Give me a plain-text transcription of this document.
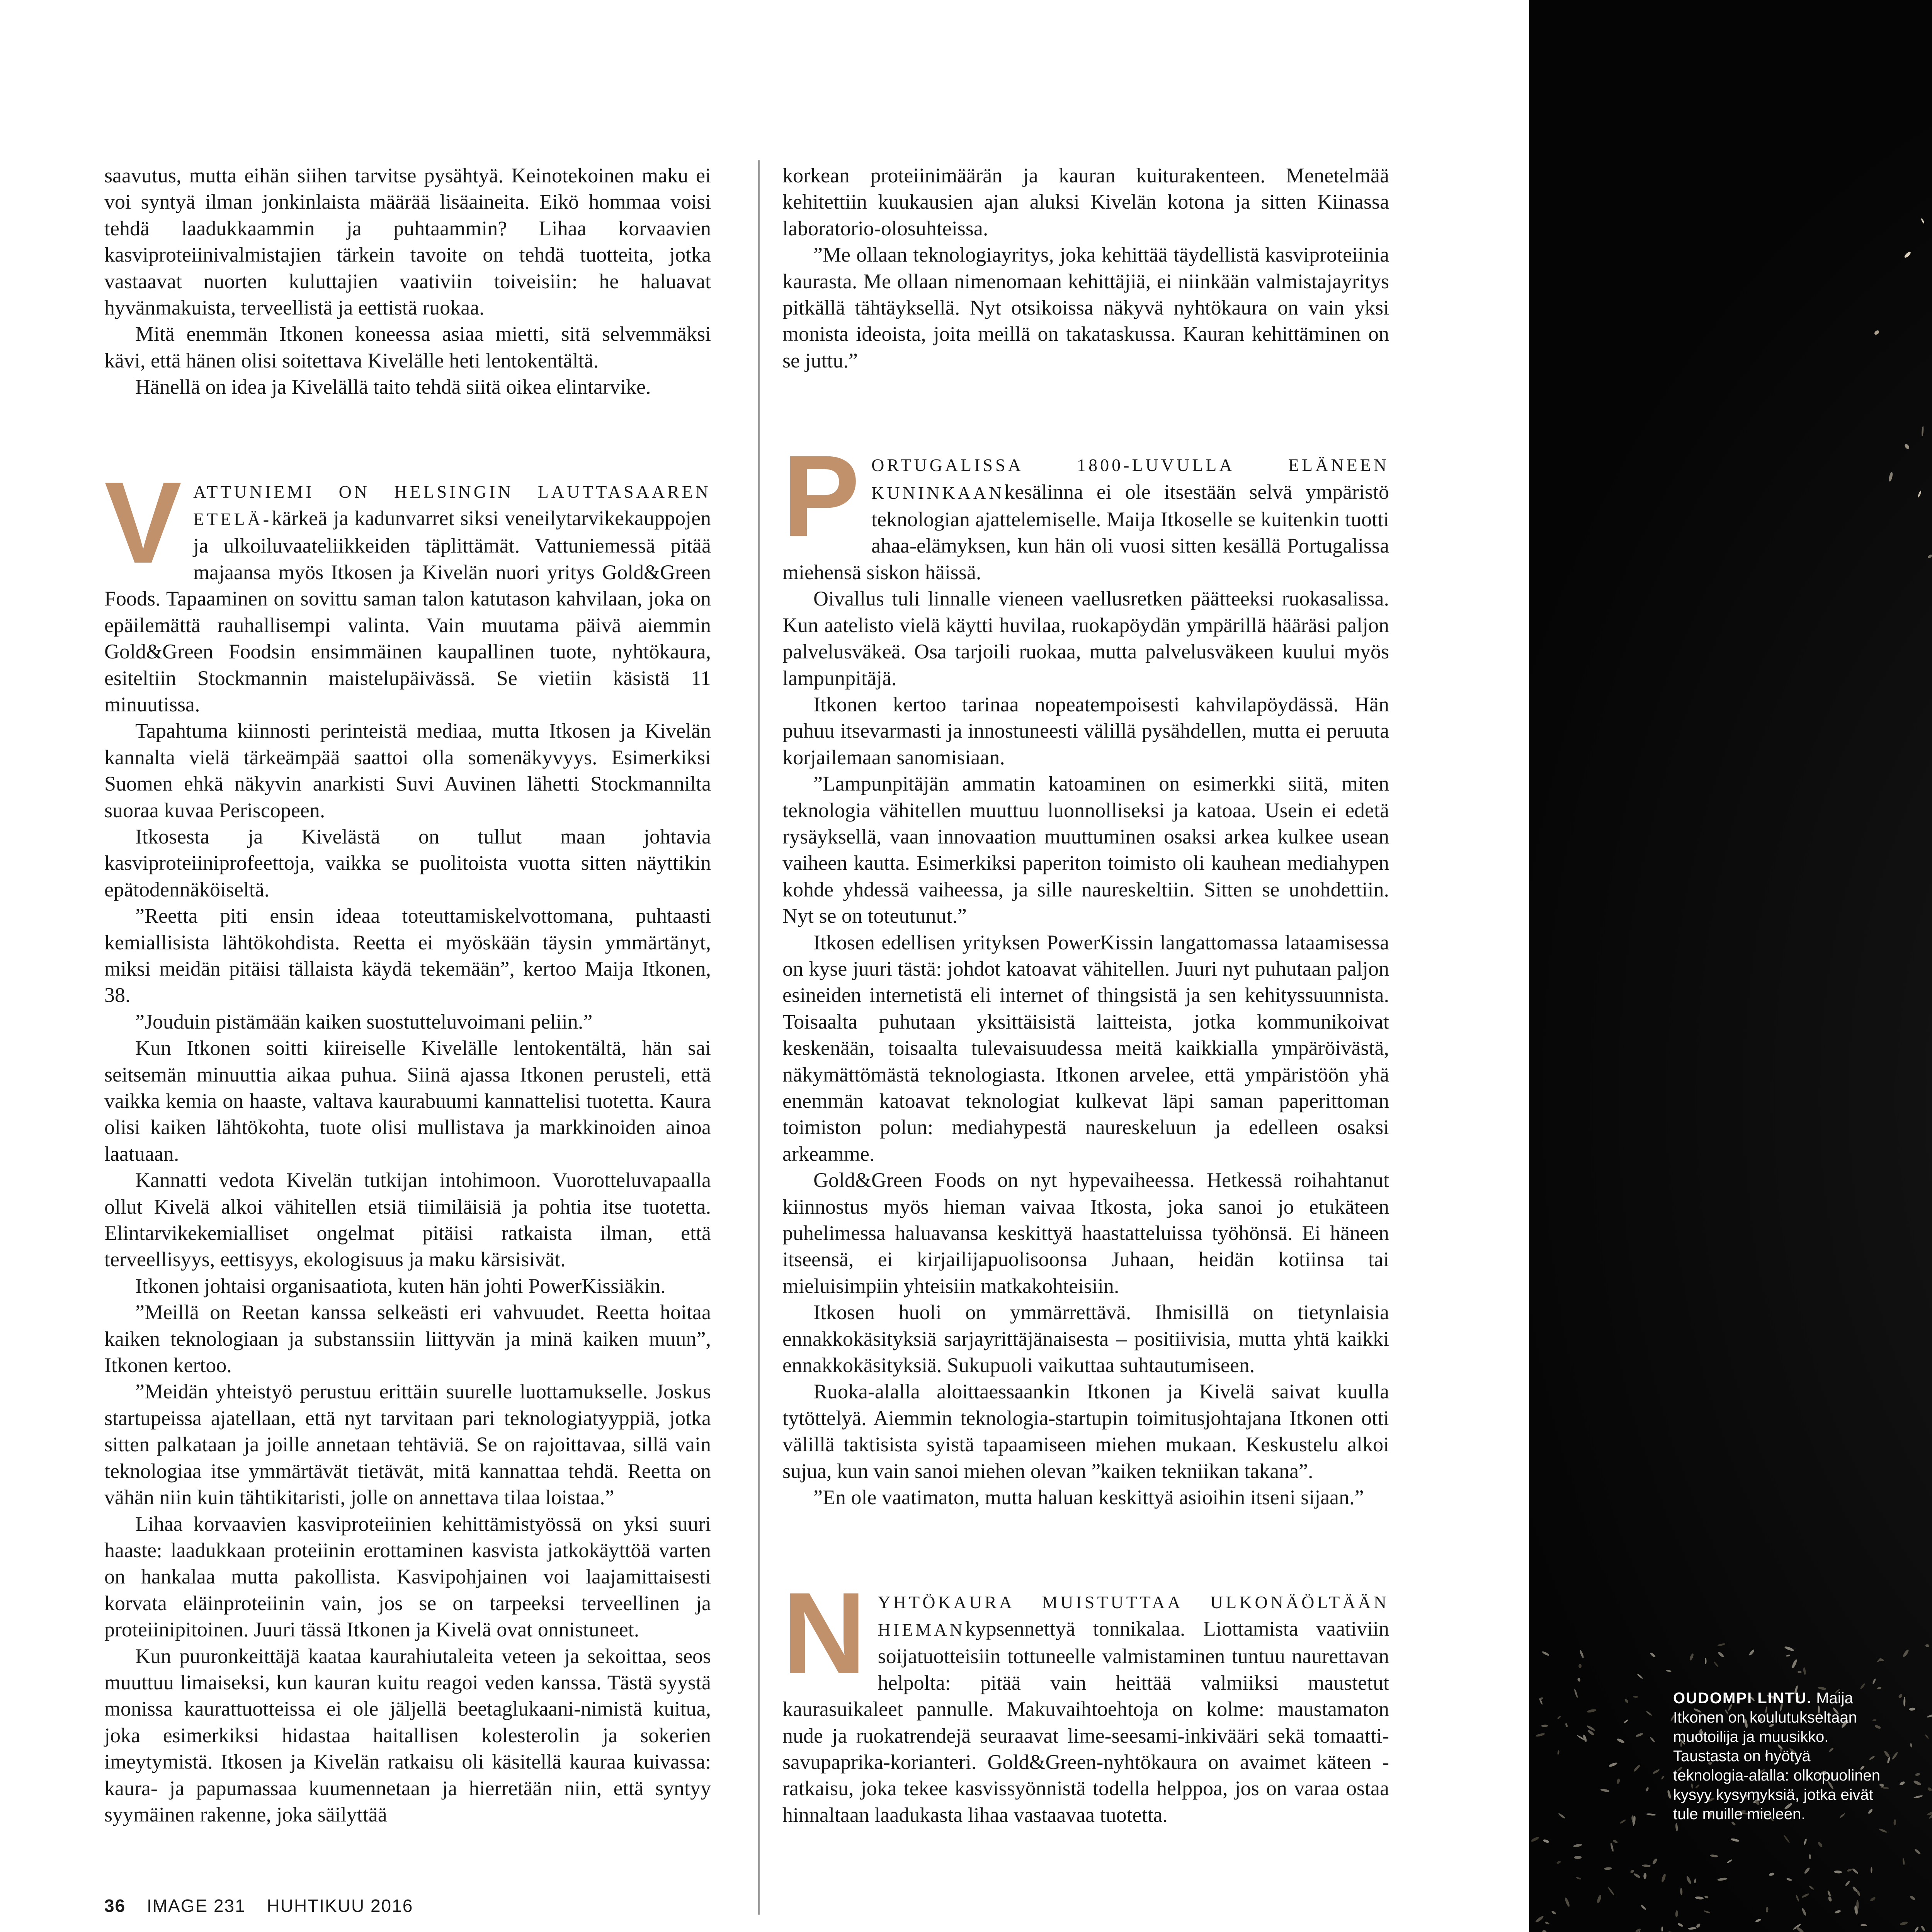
saavutus, mutta eihän siihen tarvitse pysähtyä. Keinotekoinen maku ei voi syntyä ilman jonkinlaista määrää lisäaineita. Eikö hommaa voisi tehdä laadukkaammin ja puhtaammin? Lihaa korvaavien kasviproteiinivalmistajien tärkein tavoite on tehdä tuotteita, jotka vastaavat nuorten kuluttajien vaativiin toiveisiin: he haluavat hyvänmakuista, terveellistä ja eettistä ruokaa.

Mitä enemmän Itkonen koneessa asiaa mietti, sitä selvemmäksi kävi, että hänen olisi soitettava Kivelälle heti lentokentältä.

Hänellä on idea ja Kivelällä taito tehdä siitä oikea elintarvike.

VATTUNIEMI ON HELSINGIN LAUTTASAAREN ETELÄ-kärkeä ja kadunvarret siksi veneilytarvikekauppojen ja ulkoiluvaateliikkeiden täplittämät. Vattuniemessä pitää majaansa myös Itkosen ja Kivelän nuori yritys Gold&Green Foods. Tapaaminen on sovittu saman talon katutason kahvilaan, joka on epäilemättä rauhallisempi valinta. Vain muutama päivä aiemmin Gold&Green Foodsin ensimmäinen kaupallinen tuote, nyhtökaura, esiteltiin Stockmannin maistelupäivässä. Se vietiin käsistä 11 minuutissa.

Tapahtuma kiinnosti perinteistä mediaa, mutta Itkosen ja Kivelän kannalta vielä tärkeämpää saattoi olla somenäkyvyys. Esimerkiksi Suomen ehkä näkyvin anarkisti Suvi Auvinen lähetti Stockmannilta suoraa kuvaa Periscopeen.

Itkosesta ja Kivelästä on tullut maan johtavia kasviproteiiniprofeettoja, vaikka se puolitoista vuotta sitten näyttikin epätodennäköiseltä.

”Reetta piti ensin ideaa toteuttamiskelvottomana, puhtaasti kemiallisista lähtökohdista. Reetta ei myöskään täysin ymmärtänyt, miksi meidän pitäisi tällaista käydä tekemään”, kertoo Maija Itkonen, 38.

”Jouduin pistämään kaiken suostutteluvoimani peliin.”

Kun Itkonen soitti kiireiselle Kivelälle lentokentältä, hän sai seitsemän minuuttia aikaa puhua. Siinä ajassa Itkonen perusteli, että vaikka kemia on haaste, valtava kaurabuumi kannattelisi tuotetta. Kaura olisi kaiken lähtökohta, tuote olisi mullistava ja markkinoiden ainoa laatuaan.

Kannatti vedota Kivelän tutkijan intohimoon. Vuorotteluvapaalla ollut Kivelä alkoi vähitellen etsiä tiimiläisiä ja pohtia itse tuotetta. Elintarvikekemialliset ongelmat pitäisi ratkaista ilman, että terveellisyys, eettisyys, ekologisuus ja maku kärsisivät.

Itkonen johtaisi organisaatiota, kuten hän johti PowerKissiäkin.

”Meillä on Reetan kanssa selkeästi eri vahvuudet. Reetta hoitaa kaiken teknologiaan ja substanssiin liittyvän ja minä kaiken muun”, Itkonen kertoo.

”Meidän yhteistyö perustuu erittäin suurelle luottamukselle. Joskus startupeissa ajatellaan, että nyt tarvitaan pari teknologiatyyppiä, jotka sitten palkataan ja joille annetaan tehtäviä. Se on rajoittavaa, sillä vain teknologiaa itse ymmärtävät tietävät, mitä kannattaa tehdä. Reetta on vähän niin kuin tähtikitaristi, jolle on annettava tilaa loistaa.”

Lihaa korvaavien kasviproteiinien kehittämistyössä on yksi suuri haaste: laadukkaan proteiinin erottaminen kasvista jatkokäyttöä varten on hankalaa mutta pakollista. Kasvipohjainen voi laajamittaisesti korvata eläinproteiinin vain, jos se on tarpeeksi terveellinen ja proteiinipitoinen. Juuri tässä Itkonen ja Kivelä ovat onnistuneet.

Kun puuronkeittäjä kaataa kaurahiutaleita veteen ja sekoittaa, seos muuttuu limaiseksi, kun kauran kuitu reagoi veden kanssa. Tästä syystä monissa kaurattuotteissa ei ole jäljellä beetaglukaani-nimistä kuitua, joka esimerkiksi hidastaa haitallisen kolesterolin ja sokerien imeytymistä. Itkosen ja Kivelän ratkaisu oli käsitellä kauraa kuivassa: kaura- ja papumassaa kuumennetaan ja hierretään niin, että syntyy syymäinen rakenne, joka säilyttää

korkean proteiinimäärän ja kauran kuiturakenteen. Menetelmää kehitettiin kuukausien ajan aluksi Kivelän kotona ja sitten Kiinassa laboratorio-olosuhteissa.

”Me ollaan teknologiayritys, joka kehittää täydellistä kasviproteiinia kaurasta. Me ollaan nimenomaan kehittäjiä, ei niinkään valmistajayritys pitkällä tähtäyksellä. Nyt otsikoissa näkyvä nyhtökaura on vain yksi monista ideoista, joita meillä on takataskussa. Kauran kehittäminen on se juttu.”

PORTUGALISSA 1800-LUVULLA ELÄNEEN KUNINKAANkesälinna ei ole itsestään selvä ympäristö teknologian ajattelemiselle. Maija Itkoselle se kuitenkin tuotti ahaa-elämyksen, kun hän oli vuosi sitten kesällä Portugalissa miehensä siskon häissä.

Oivallus tuli linnalle vieneen vaellusretken päätteeksi ruokasalissa. Kun aatelisto vielä käytti huvilaa, ruokapöydän ympärillä hääräsi paljon palvelusväkeä. Osa tarjoili ruokaa, mutta palvelusväkeen kuului myös lampunpitäjä.

Itkonen kertoo tarinaa nopeatempoisesti kahvilapöydässä. Hän puhuu itsevarmasti ja innostuneesti välillä pysähdellen, mutta ei peruuta korjailemaan sanomisiaan.

”Lampunpitäjän ammatin katoaminen on esimerkki siitä, miten teknologia vähitellen muuttuu luonnolliseksi ja katoaa. Usein ei edetä rysäyksellä, vaan innovaation muuttuminen osaksi arkea kulkee usean vaiheen kautta. Esimerkiksi paperiton toimisto oli kauhean mediahypen kohde yhdessä vaiheessa, ja sille naureskeltiin. Sitten se unohdettiin. Nyt se on toteutunut.”

Itkosen edellisen yrityksen PowerKissin langattomassa lataamisessa on kyse juuri tästä: johdot katoavat vähitellen. Juuri nyt puhutaan paljon esineiden internetistä eli internet of thingsistä ja sen kehityssuunnista. Toisaalta puhutaan yksittäisistä laitteista, jotka kommunikoivat keskenään, toisaalta tulevaisuudessa meitä kaikkialla ympäröivästä, näkymättömästä teknologiasta. Itkonen arvelee, että ympäristöön yhä enemmän katoavat teknologiat kulkevat läpi saman paperittoman toimiston polun: mediahypestä naureskeluun ja edelleen osaksi arkeamme.

Gold&Green Foods on nyt hypevaiheessa. Hetkessä roihahtanut kiinnostus myös hieman vaivaa Itkosta, joka sanoi jo etukäteen puhelimessa haluavansa keskittyä haastatteluissa työhönsä. Ei häneen itseensä, ei kirjailijapuolisoonsa Juhaan, heidän kotiinsa tai mieluisimpiin yhteisiin matkakohteisiin.

Itkosen huoli on ymmärrettävä. Ihmisillä on tietynlaisia ennakkokäsityksiä sarjayrittäjänaisesta – positiivisia, mutta yhtä kaikki ennakkokäsityksiä. Sukupuoli vaikuttaa suhtautumiseen.

Ruoka-alalla aloittaessaankin Itkonen ja Kivelä saivat kuulla tytöttelyä. Aiemmin teknologia-startupin toimitusjohtajana Itkonen otti välillä taktisista syistä tapaamiseen miehen mukaan. Keskustelu alkoi sujua, kun vain sanoi miehen olevan ”kaiken tekniikan takana”.

”En ole vaatimaton, mutta haluan keskittyä asioihin itseni sijaan.”

NYHTÖKAURA MUISTUTTAA ULKONÄÖLTÄÄN HIEMANkypsennettyä tonnikalaa. Liottamista vaativiin soijatuotteisiin tottuneelle valmistaminen tuntuu naurettavan helpolta: pitää vain heittää valmiiksi maustetut kaurasuikaleet pannulle. Makuvaihtoehtoja on kolme: maustamaton nude ja ruokatrendejä seuraavat lime-seesami-inkivääri sekä tomaatti-savupaprika-korianteri. Gold&Green-nyhtökaura on avaimet käteen -ratkaisu, joka tekee kasvissyönnistä todella helppoa, jos on varaa ostaa hinnaltaan laadukasta lihaa vastaavaa tuotetta.

OUDOMPI LINTU. Maija Itkonen on koulutukseltaan muotoilija ja muusikko. Taustasta on hyötyä teknologia-alalla: olkopuolinen kysyy kysymyksiä, jotka eivät tule muille mieleen.
36 IMAGE 231 HUHTIKUU 2016
